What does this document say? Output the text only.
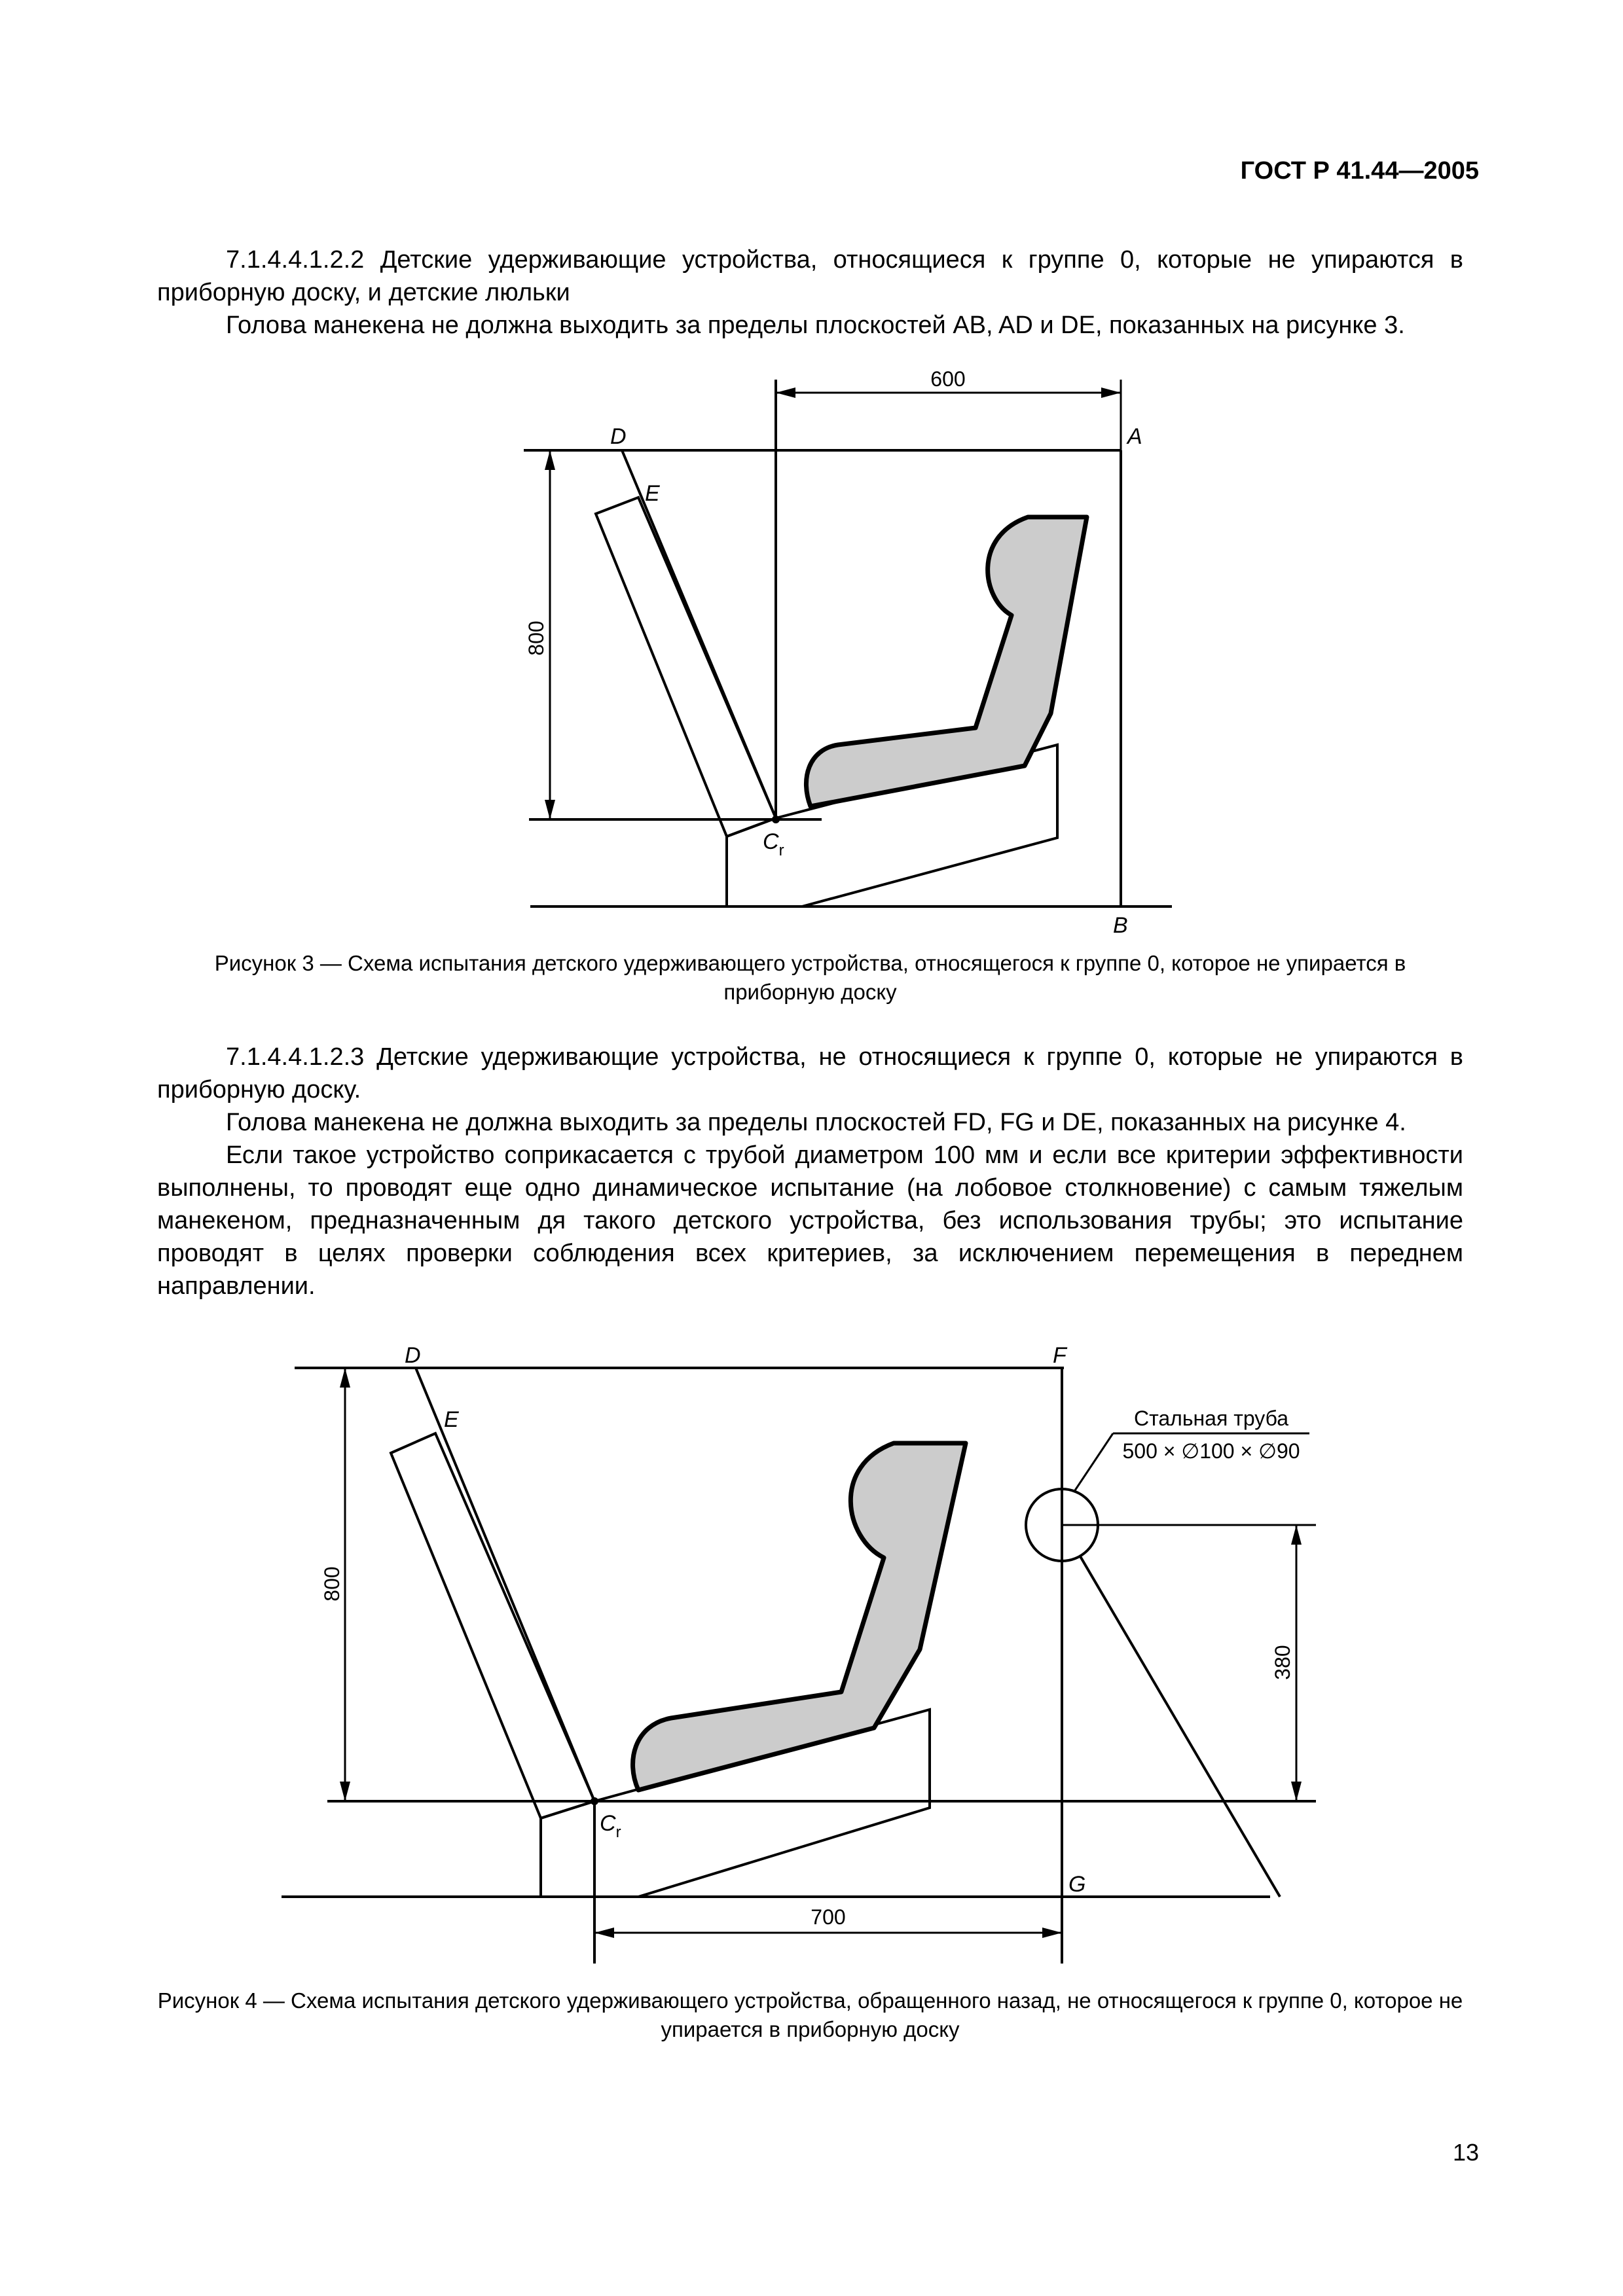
ГОСТ Р 41.44—2005

7.1.4.4.1.2.2 Детские удерживающие устройства, относящиеся к группе 0, которые не упираются в приборную доску, и детские люльки

Голова манекена не должна выходить за пределы плоскостей AB, AD и DE, показанных на рисунке 3.

600
800
D
E
A
B
$C_r$
Рисунок 3 — Схема испытания детского удерживающего устройства, относящегося к группе 0, которое не упирается в приборную доску

7.1.4.4.1.2.3 Детские удерживающие устройства, не относящиеся к группе 0, которые не упираются в приборную доску.

Голова манекена не должна выходить за пределы плоскостей FD, FG и DE, показанных на рисунке 4.

Если такое устройство соприкасается с трубой диаметром 100 мм и если все критерии эффективности выполнены, то проводят еще одно динамическое испытание (на лобовое столкновение) с самым тяжелым манекеном, предназначенным дя такого детского устройства, без использования трубы; это испытание проводят в целях проверки соблюдения всех критериев, за исключением перемещения в переднем направлении.

800
700
380
Стальная труба
500 × ∅100 × ∅90
D
E
F
G
$C_r$
Рисунок 4 — Схема испытания детского удерживающего устройства, обращенного назад, не относящегося к группе 0, которое не упирается в приборную доску
13
